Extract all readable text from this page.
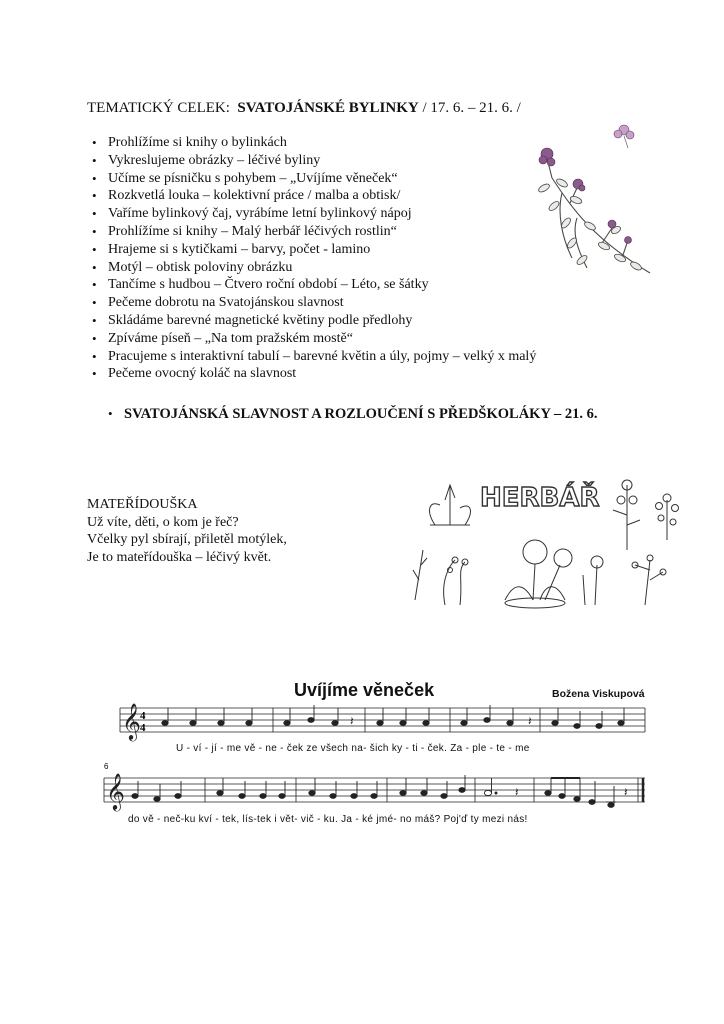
TEMATICKÝ CELEK: SVATOJÁNSKÉ BYLINKY / 17. 6. – 21. 6. /
• Prohlížíme si knihy o bylinkách
• Vykreslujeme obrázky – léčivé byliny
• Učíme se písničku s pohybem – „Uvíjíme věneček“
• Rozkvetlá louka – kolektivní práce / malba a obtisk/
• Vaříme bylinkový čaj, vyrábíme letní bylinkový nápoj
• Prohlížíme si knihy – Malý herbář léčivých rostlin“
• Hrajeme si s kytičkami – barvy, počet - lamino
• Motýl – obtisk poloviny obrázku
• Tančíme s hudbou – Čtvero roční období – Léto, se šátky
• Pečeme dobrotu na Svatojánskou slavnost
• Skládáme barevné magnetické květiny podle předlohy
• Zpíváme píseň – „Na tom pražském mostě“
• Pracujeme s interaktivní tabulí – barevné květin a úly, pojmy – velký x malý
• Pečeme ovocný koláč na slavnost
• SVATOJÁNSKÁ SLAVNOST A ROZLOUČENÍ S PŘEDŠKOLÁKY – 21. 6.
MATEŘÍDOUŠKA
Už víte, děti, o kom je řeč?
Včelky pyl sbírají, přiletěl motýlek,
Je to mateřídouška – léčivý květ.
HERBÁŘ
Uvíjíme věneček	Božena Viskupová
𝄞 4
4	𝄽	𝄽
6
𝄞	𝄽	𝄽
U - ví - jí - me vě - ne - ček ze všech na- šich ky - ti - ček. Za - ple - te - me
do vě - neč-ku kví - tek, lís-tek i vět- vič - ku. Ja - ké jmé- no máš? Poj'ď ty mezi nás!
